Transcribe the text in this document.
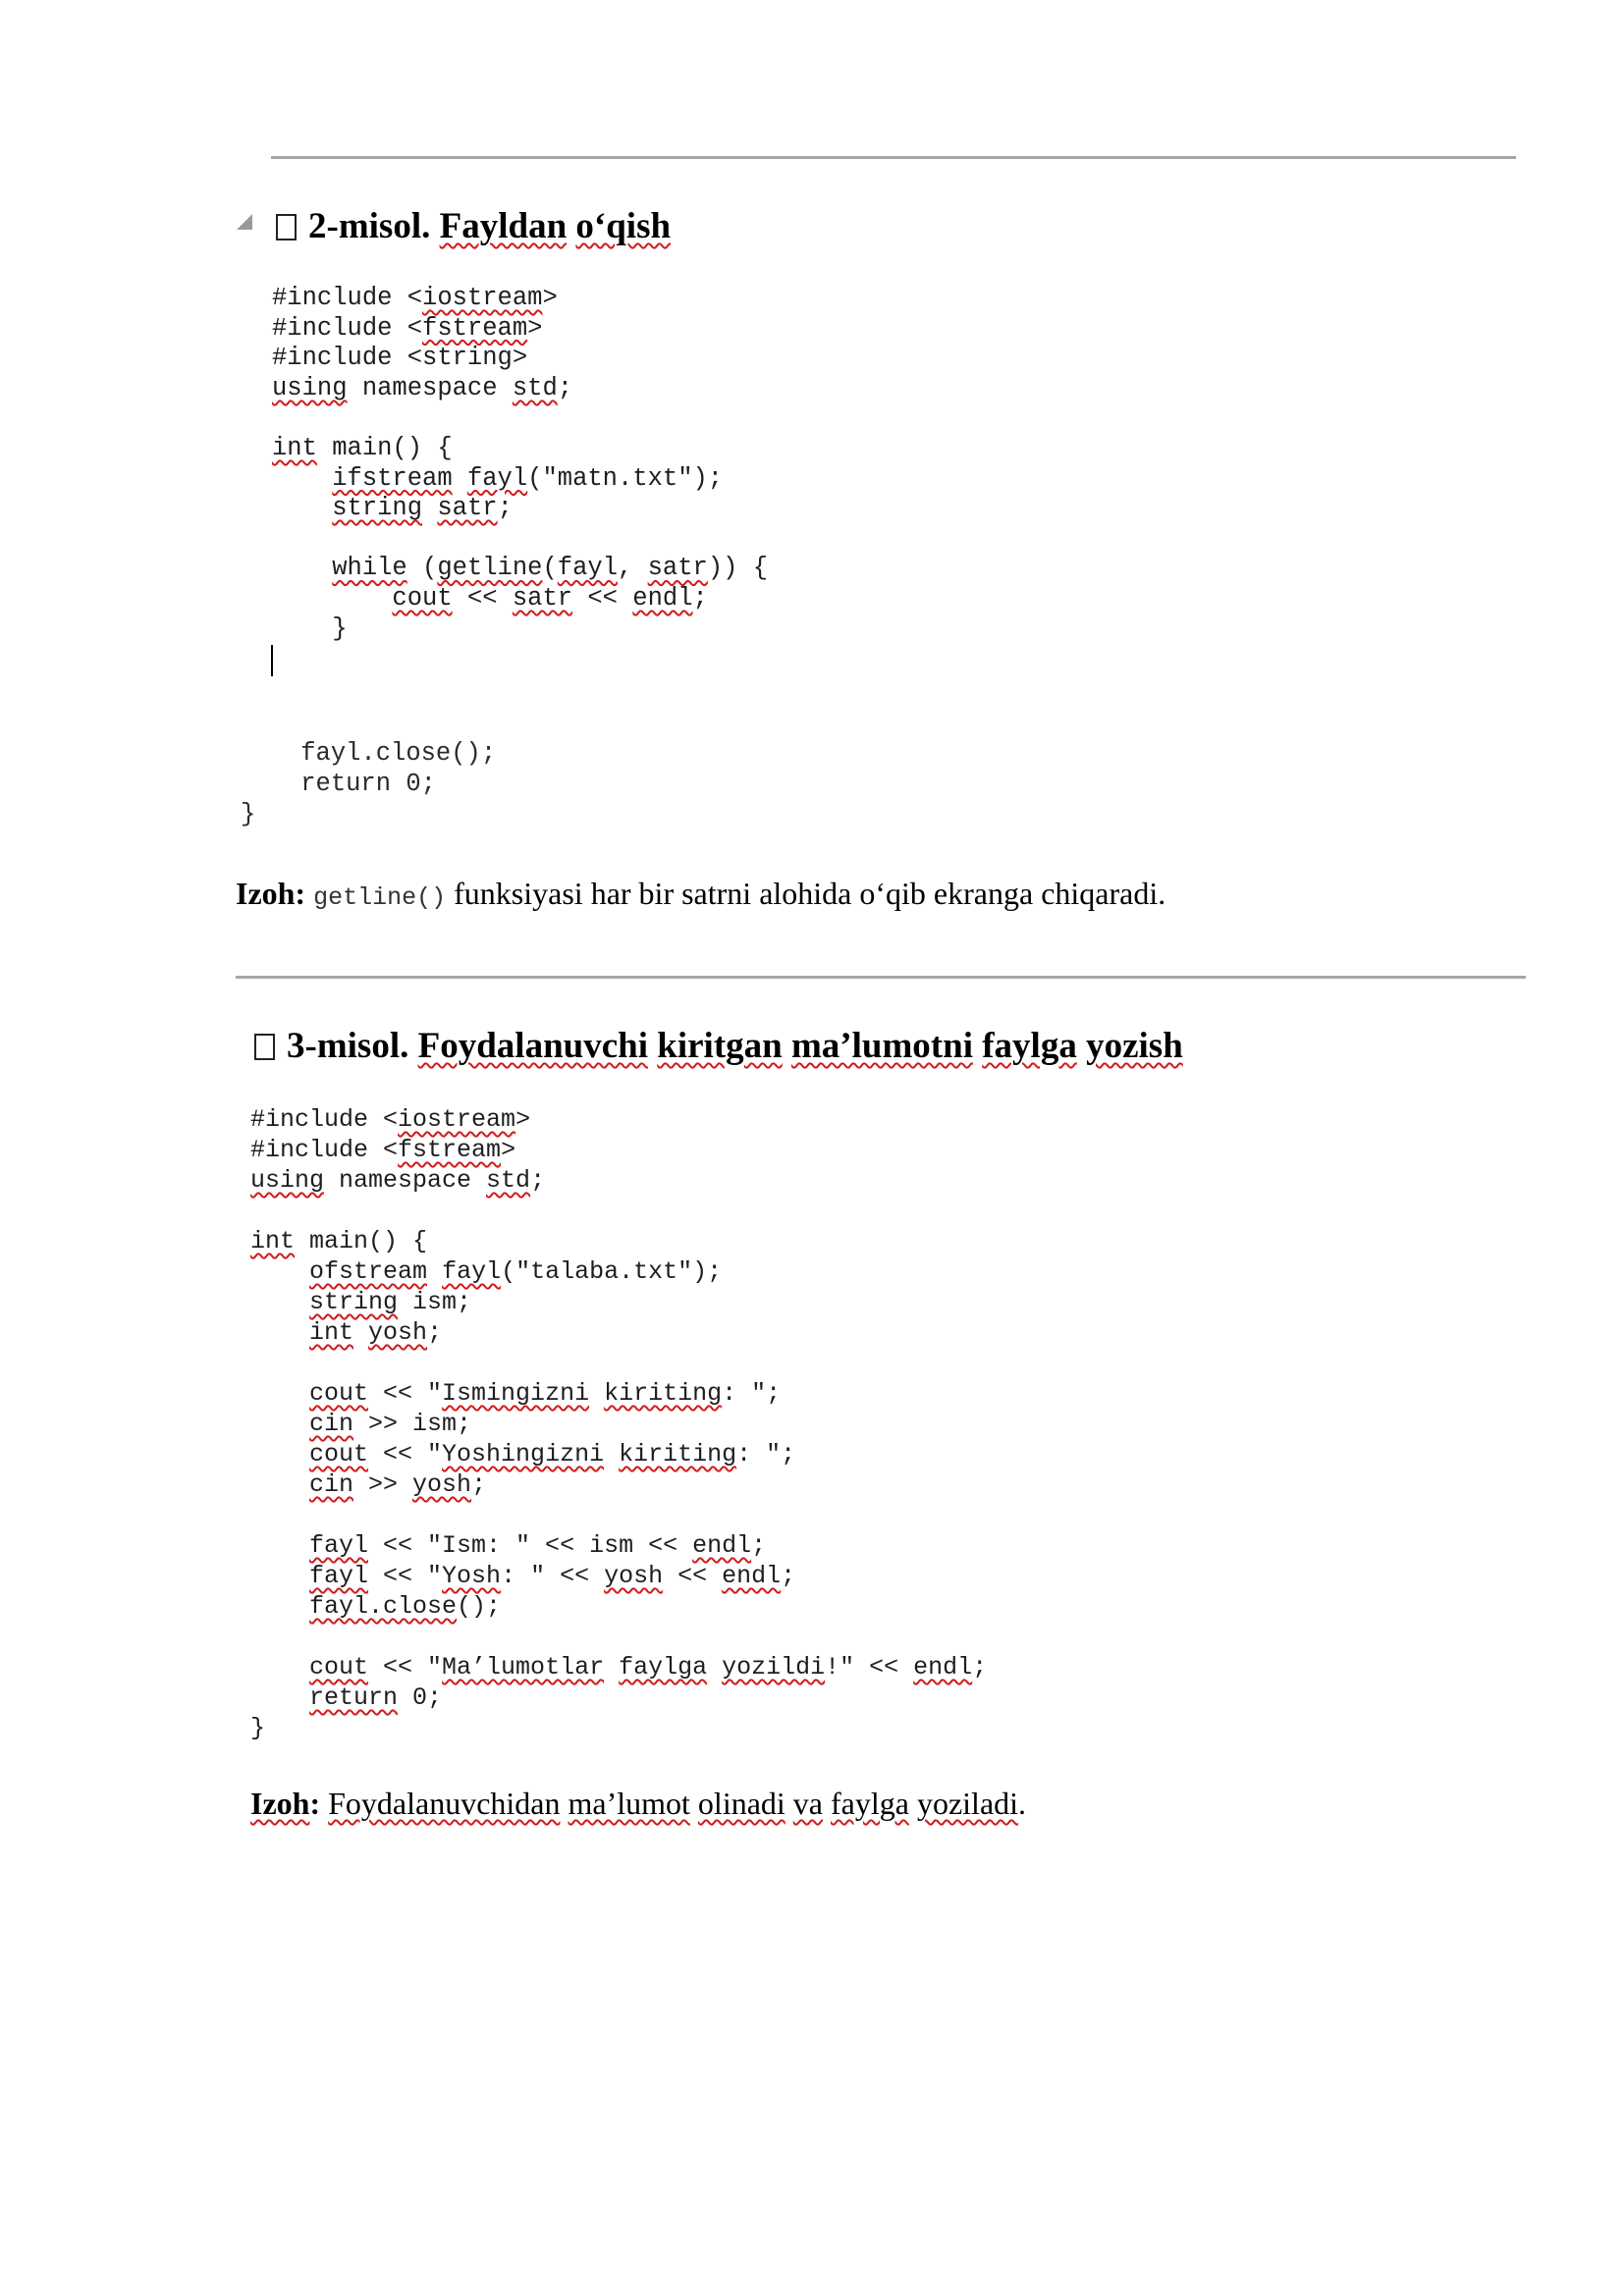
2-misol. Fayldan o‘qish
#include <iostream>
#include <fstream>
#include <string>
using namespace std;

int main() {
ifstream fayl("matn.txt");
string satr;

while (getline(fayl, satr)) {
cout << satr << endl;
}
fayl.close();
return 0;
}
Izoh: getline() funksiyasi har bir satrni alohida o‘qib ekranga chiqaradi.
3-misol. Foydalanuvchi kiritgan ma’lumotni faylga yozish
#include <iostream>
#include <fstream>
using namespace std;

int main() {
ofstream fayl("talaba.txt");
string ism;
int yosh;

cout << "Ismingizni kiriting: ";
cin >> ism;
cout << "Yoshingizni kiriting: ";
cin >> yosh;

fayl << "Ism: " << ism << endl;
fayl << "Yosh: " << yosh << endl;
fayl.close();

cout << "Ma’lumotlar faylga yozildi!" << endl;
return 0;
}
Izoh: Foydalanuvchidan ma’lumot olinadi va faylga yoziladi.
